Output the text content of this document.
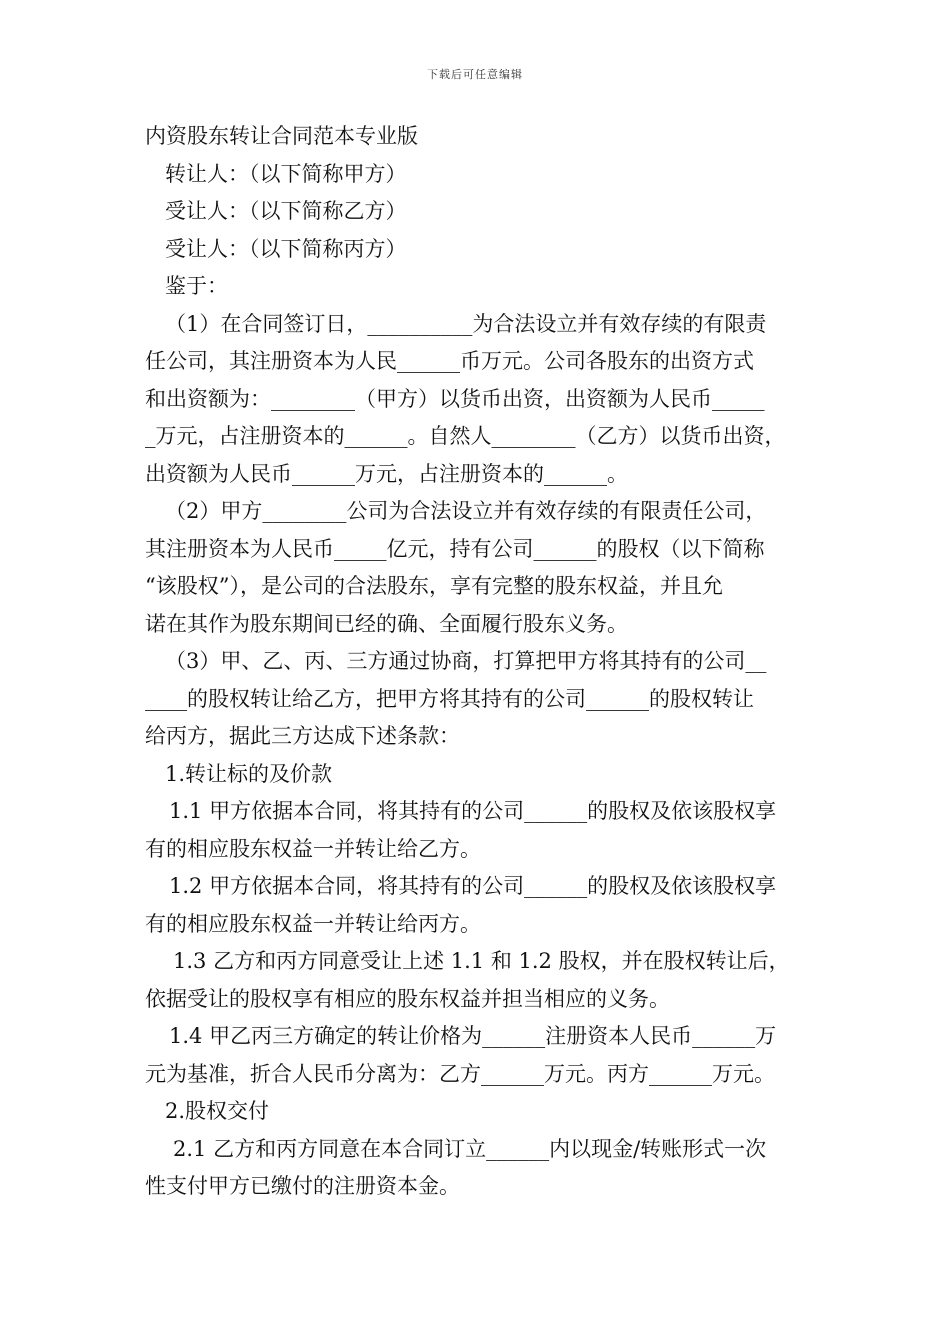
下载后可任意编辑
内资股东转让合同范本专业版
转让人：（以下简称甲方）
受让人：（以下简称乙方）
受让人：（以下简称丙方）
鉴于：
（1）在合同签订日，__________为合法设立并有效存续的有限责
任公司，其注册资本为人民______币万元。公司各股东的出资方式
和出资额为：________（甲方）以货币出资，出资额为人民币_____
_万元，占注册资本的______。自然人________（乙方）以货币出资，
出资额为人民币______万元，占注册资本的______。
（2）甲方________公司为合法设立并有效存续的有限责任公司，
其注册资本为人民币_____亿元，持有公司______的股权（以下简称
“该股权”），是公司的合法股东，享有完整的股东权益，并且允
诺在其作为股东期间已经的确、全面履行股东义务。
（3）甲、乙、丙、三方通过协商，打算把甲方将其持有的公司__
____的股权转让给乙方，把甲方将其持有的公司______的股权转让
给丙方，据此三方达成下述条款：
1.转让标的及价款
1.1 甲方依据本合同，将其持有的公司______的股权及依该股权享
有的相应股东权益一并转让给乙方。
1.2 甲方依据本合同，将其持有的公司______的股权及依该股权享
有的相应股东权益一并转让给丙方。
1.3 乙方和丙方同意受让上述 1.1 和 1.2 股权，并在股权转让后，
依据受让的股权享有相应的股东权益并担当相应的义务。
1.4 甲乙丙三方确定的转让价格为______注册资本人民币______万
元为基准，折合人民币分离为：乙方______万元。丙方______万元。
2.股权交付
2.1 乙方和丙方同意在本合同订立______内以现金/转账形式一次
性支付甲方已缴付的注册资本金。
